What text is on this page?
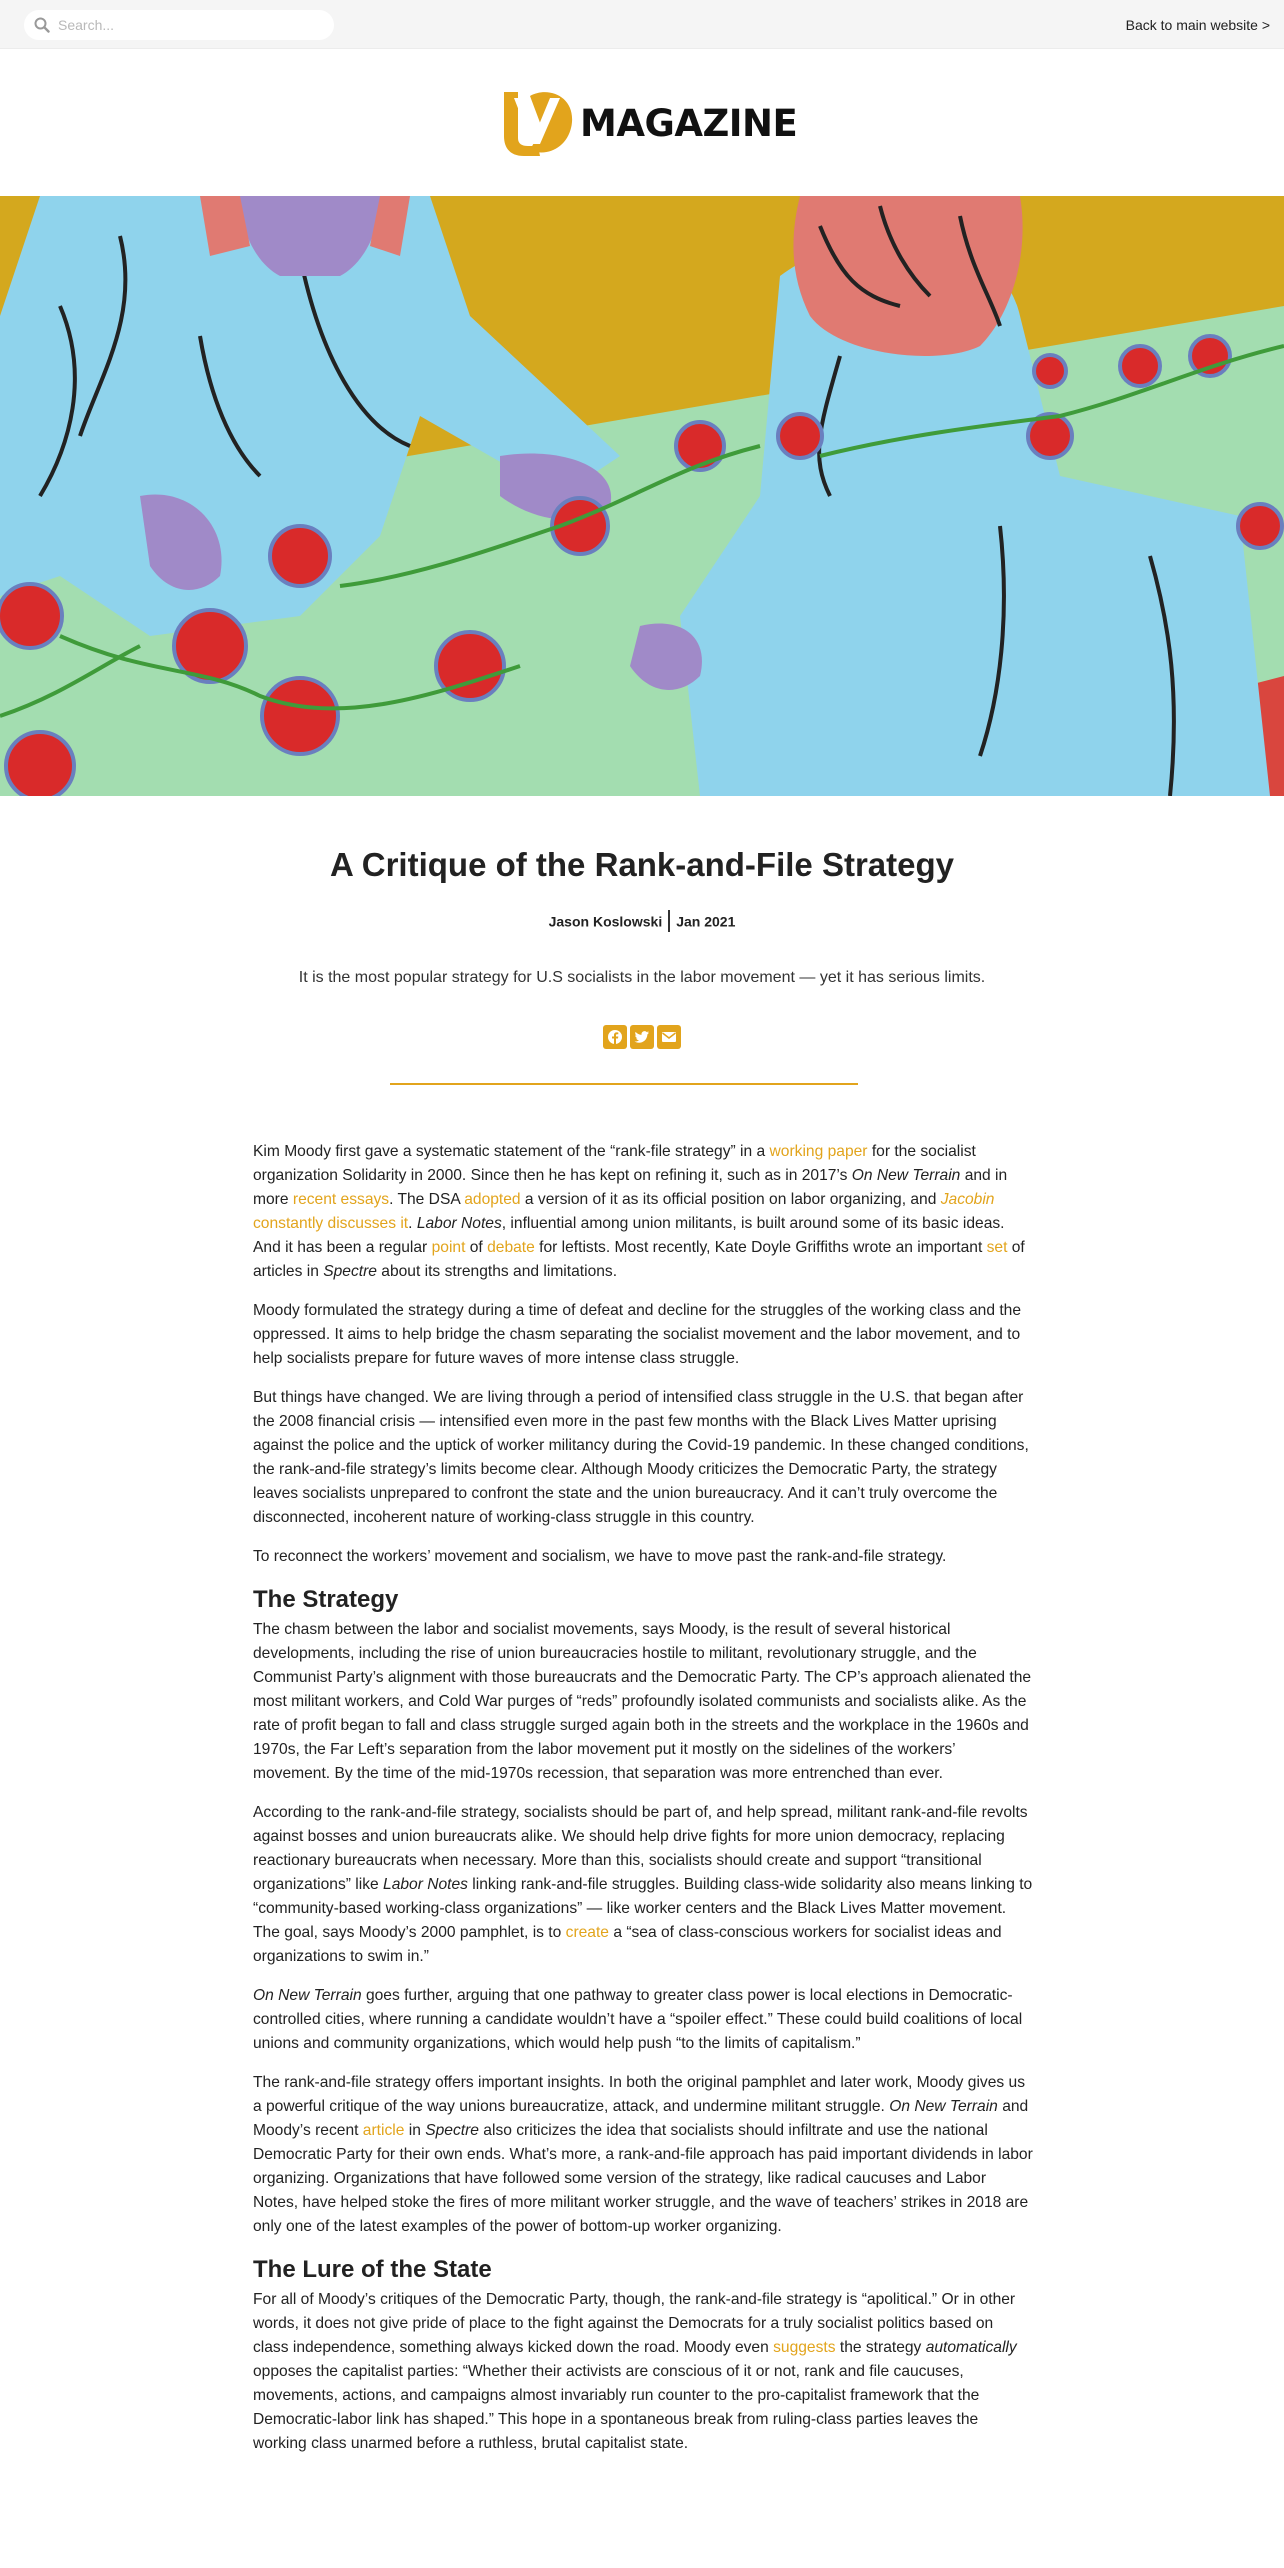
Search...
Back to main website >
MAGAZINE
A Critique of the Rank-and-File Strategy
Jason Koslowski Jan 2021

It is the most popular strategy for U.S socialists in the labor movement — yet it has serious limits.

Kim Moody first gave a systematic statement of the “rank-file strategy” in a working paper for the socialist organization Solidarity in 2000. Since then he has kept on refining it, such as in 2017’s On New Terrain and in more recent essays. The DSA adopted a version of it as its official position on labor organizing, and Jacobin constantly discusses it. Labor Notes, influential among union militants, is built around some of its basic ideas. And it has been a regular point of debate for leftists. Most recently, Kate Doyle Griffiths wrote an important set of articles in Spectre about its strengths and limitations.

Moody formulated the strategy during a time of defeat and decline for the struggles of the working class and the oppressed. It aims to help bridge the chasm separating the socialist movement and the labor movement, and to help socialists prepare for future waves of more intense class struggle.

But things have changed. We are living through a period of intensified class struggle in the U.S. that began after the 2008 financial crisis — intensified even more in the past few months with the Black Lives Matter uprising against the police and the uptick of worker militancy during the Covid-19 pandemic. In these changed conditions, the rank-and-file strategy’s limits become clear. Although Moody criticizes the Democratic Party, the strategy leaves socialists unprepared to confront the state and the union bureaucracy. And it can’t truly overcome the disconnected, incoherent nature of working-class struggle in this country.

To reconnect the workers’ movement and socialism, we have to move past the rank-and-file strategy.

The Strategy

The chasm between the labor and socialist movements, says Moody, is the result of several historical developments, including the rise of union bureaucracies hostile to militant, revolutionary struggle, and the Communist Party’s alignment with those bureaucrats and the Democratic Party. The CP’s approach alienated the most militant workers, and Cold War purges of “reds” profoundly isolated communists and socialists alike. As the rate of profit began to fall and class struggle surged again both in the streets and the workplace in the 1960s and 1970s, the Far Left’s separation from the labor movement put it mostly on the sidelines of the workers’ movement. By the time of the mid-1970s recession, that separation was more entrenched than ever.

According to the rank-and-file strategy, socialists should be part of, and help spread, militant rank-and-file revolts against bosses and union bureaucrats alike. We should help drive fights for more union democracy, replacing reactionary bureaucrats when necessary. More than this, socialists should create and support “transitional organizations” like Labor Notes linking rank-and-file struggles. Building class-wide solidarity also means linking to “community-based working-class organizations” — like worker centers and the Black Lives Matter movement. The goal, says Moody’s 2000 pamphlet, is to create a “sea of class-conscious workers for socialist ideas and organizations to swim in.”

On New Terrain goes further, arguing that one pathway to greater class power is local elections in Democratic-controlled cities, where running a candidate wouldn’t have a “spoiler effect.” These could build coalitions of local unions and community organizations, which would help push “to the limits of capitalism.”

The rank-and-file strategy offers important insights. In both the original pamphlet and later work, Moody gives us a powerful critique of the way unions bureaucratize, attack, and undermine militant struggle. On New Terrain and Moody’s recent article in Spectre also criticizes the idea that socialists should infiltrate and use the national Democratic Party for their own ends. What’s more, a rank-and-file approach has paid important dividends in labor organizing. Organizations that have followed some version of the strategy, like radical caucuses and Labor Notes, have helped stoke the fires of more militant worker struggle, and the wave of teachers’ strikes in 2018 are only one of the latest examples of the power of bottom-up worker organizing.

The Lure of the State

For all of Moody’s critiques of the Democratic Party, though, the rank-and-file strategy is “apolitical.” Or in other words, it does not give pride of place to the fight against the Democrats for a truly socialist politics based on class independence, something always kicked down the road. Moody even suggests the strategy automatically opposes the capitalist parties: “Whether their activists are conscious of it or not, rank and file caucuses, movements, actions, and campaigns almost invariably run counter to the pro-capitalist framework that the Democratic-labor link has shaped.” This hope in a spontaneous break from ruling-class parties leaves the working class unarmed before a ruthless, brutal capitalist state.
